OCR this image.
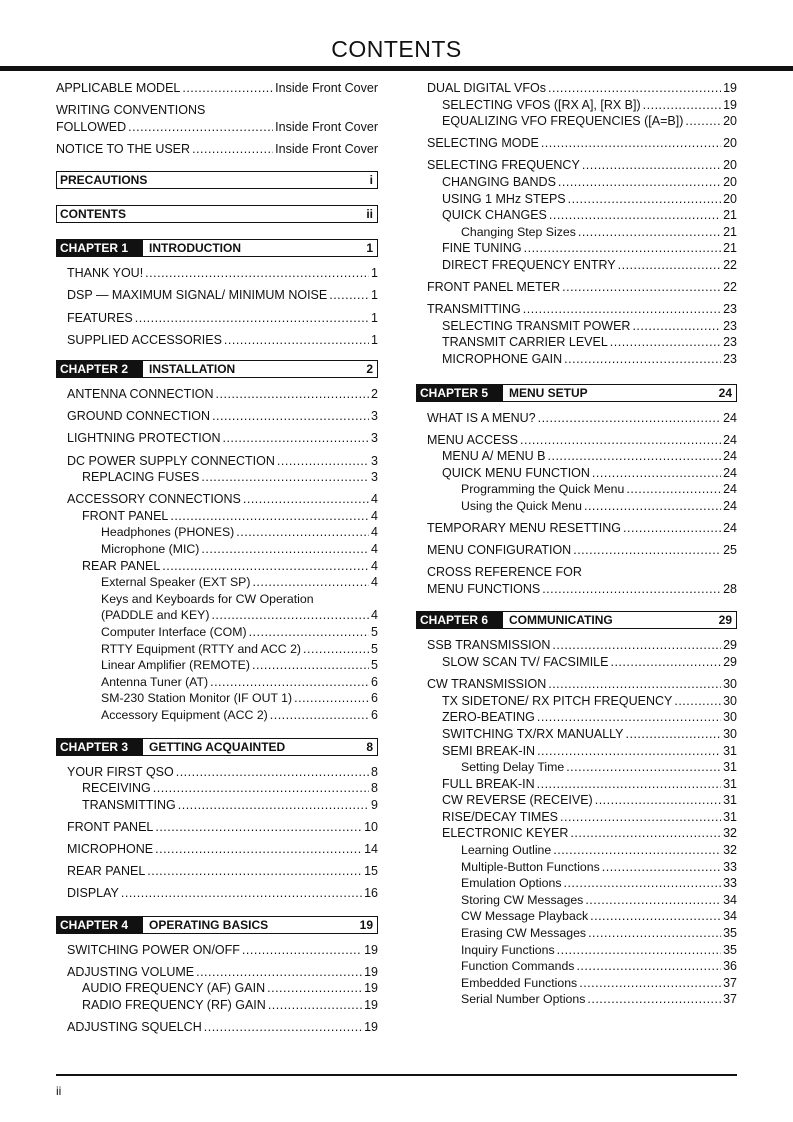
CONTENTS
APPLICABLE MODEL .....	Inside Front Cover
WRITING CONVENTIONS
FOLLOWED .....	Inside Front Cover
NOTICE TO THE USER .....	Inside Front Cover
PRECAUTIONS	i
CONTENTS	ii
CHAPTER 1	INTRODUCTION	1
THANK YOU! .....	1
DSP — MAXIMUM SIGNAL/ MINIMUM NOISE .....	1
FEATURES .....	1
SUPPLIED ACCESSORIES .....	1
CHAPTER 2	INSTALLATION	2
ANTENNA CONNECTION .....	2
GROUND CONNECTION .....	3
LIGHTNING PROTECTION .....	3
DC POWER SUPPLY CONNECTION .....	3
REPLACING FUSES .....	3
ACCESSORY CONNECTIONS .....	4
FRONT PANEL .....	4
Headphones (PHONES) .....	4
Microphone (MIC) .....	4
REAR PANEL .....	4
External Speaker (EXT SP) .....	4
Keys and Keyboards for CW Operation
(PADDLE and KEY) .....	4
Computer Interface (COM) .....	5
RTTY Equipment (RTTY and ACC 2) .....	5
Linear Amplifier (REMOTE) .....	5
Antenna Tuner (AT) .....	6
SM-230 Station Monitor (IF OUT 1) .....	6
Accessory Equipment (ACC 2) .....	6
CHAPTER 3	GETTING ACQUAINTED	8
YOUR FIRST QSO .....	8
RECEIVING .....	8
TRANSMITTING .....	9
FRONT PANEL .....	10
MICROPHONE .....	14
REAR PANEL .....	15
DISPLAY .....	16
CHAPTER 4	OPERATING BASICS	19
SWITCHING POWER ON/OFF .....	19
ADJUSTING VOLUME .....	19
AUDIO FREQUENCY (AF) GAIN .....	19
RADIO FREQUENCY (RF) GAIN .....	19
ADJUSTING SQUELCH .....	19
DUAL DIGITAL VFOs .....	19
SELECTING VFOS ([RX A], [RX B]) .....	19
EQUALIZING VFO FREQUENCIES ([A=B]) .....	20
SELECTING MODE .....	20
SELECTING FREQUENCY .....	20
CHANGING BANDS .....	20
USING 1 MHz STEPS .....	20
QUICK CHANGES .....	21
Changing Step Sizes .....	21
FINE TUNING .....	21
DIRECT FREQUENCY ENTRY .....	22
FRONT PANEL METER .....	22
TRANSMITTING .....	23
SELECTING TRANSMIT POWER .....	23
TRANSMIT CARRIER LEVEL .....	23
MICROPHONE GAIN .....	23
CHAPTER 5	MENU SETUP	24
WHAT IS A MENU? .....	24
MENU ACCESS .....	24
MENU A/ MENU B .....	24
QUICK MENU FUNCTION .....	24
Programming the Quick Menu .....	24
Using the Quick Menu .....	24
TEMPORARY MENU RESETTING .....	24
MENU CONFIGURATION .....	25
CROSS REFERENCE FOR
MENU FUNCTIONS .....	28
CHAPTER 6	COMMUNICATING	29
SSB TRANSMISSION .....	29
SLOW SCAN TV/ FACSIMILE .....	29
CW TRANSMISSION .....	30
TX SIDETONE/ RX PITCH FREQUENCY .....	30
ZERO-BEATING .....	30
SWITCHING TX/RX MANUALLY .....	30
SEMI BREAK-IN .....	31
Setting Delay Time .....	31
FULL BREAK-IN .....	31
CW REVERSE (RECEIVE) .....	31
RISE/DECAY TIMES .....	31
ELECTRONIC KEYER .....	32
Learning Outline .....	32
Multiple-Button Functions .....	33
Emulation Options .....	33
Storing CW Messages .....	34
CW Message Playback .....	34
Erasing CW Messages .....	35
Inquiry Functions .....	35
Function Commands .....	36
Embedded Functions .....	37
Serial Number Options .....	37
ii
